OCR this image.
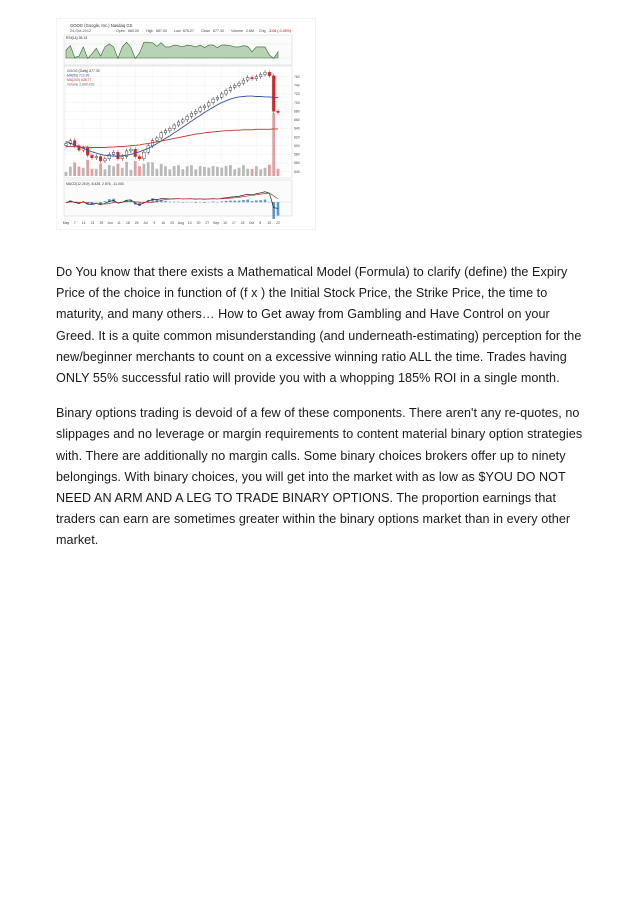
GOOG (Google, Inc.) Nasdaq GS
24-Oct-2012	Open 680.00 High 687.00 Low 676.27 Close 677.30 Volume 2.6M Chg -3.06 (-0.45%)
RSI(14) 35.13
GOOG (Daily) 677.30
MA(50) 712.39
MA(200) 638.77
Volume 2,606,420
760
740
720
700
680
660
640
620
600
580
560
540
MACD(12,26,9) -8.428, 2.576, -11.003
May 7 14 21 29 Jun 11 18 25 Jul 9 16 23 Aug 13 20 27 Sep 10 17 24 Oct 8 15 22

Do You know that there exists a Mathematical Model (Formula) to clarify (define) the Expiry Price of the choice in function of (f x ) the Initial Stock Price, the Strike Price, the time to maturity, and many others… How to Get away from Gambling and Have Control on your Greed. It is a quite common misunderstanding (and underneath-estimating) perception for the new/beginner merchants to count on a excessive winning ratio ALL the time. Trades having ONLY 55% successful ratio will provide you with a whopping 185% ROI in a single month.

Binary options trading is devoid of a few of these components. There aren't any re-quotes, no slippages and no leverage or margin requirements to content material binary option strategies with. There are additionally no margin calls. Some binary choices brokers offer up to ninety belongings. With binary choices, you will get into the market with as low as $YOU DO NOT NEED AN ARM AND A LEG TO TRADE BINARY OPTIONS. The proportion earnings that traders can earn are sometimes greater within the binary options market than in every other market.
